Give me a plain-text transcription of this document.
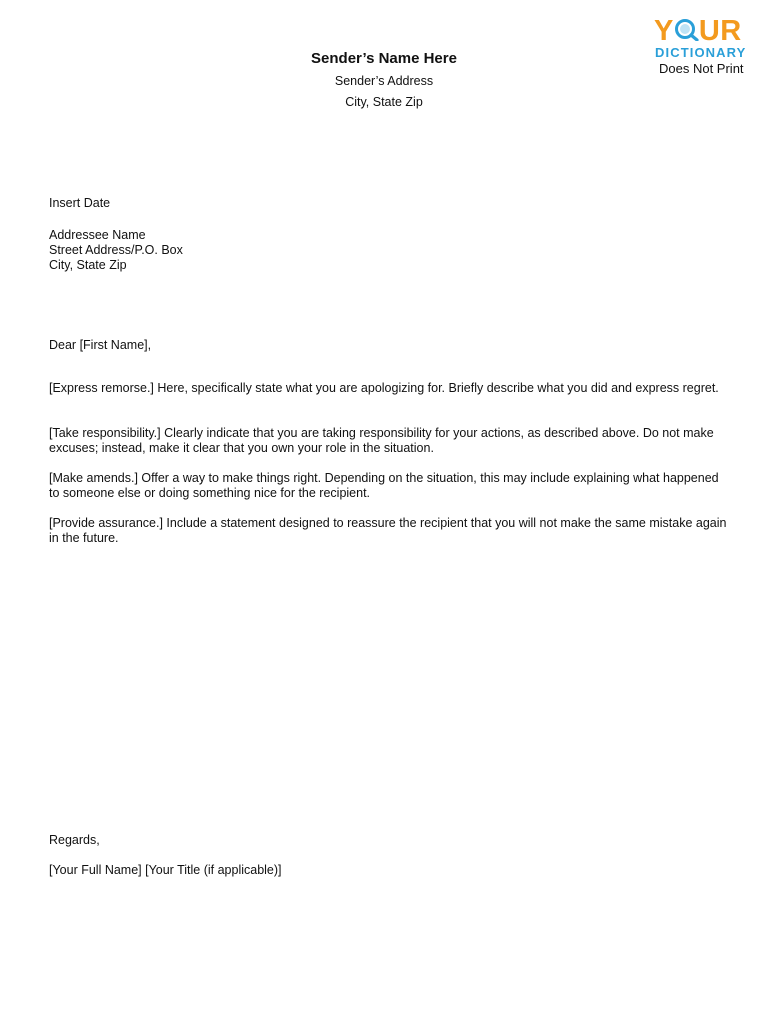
Y UR
DICTIONARY
Does Not Print
Sender’s Name Here
Sender’s Address
City, State Zip
Insert Date
Addressee Name
Street Address/P.O. Box
City, State Zip
Dear [First Name],
[Express remorse.] Here, specifically state what you are apologizing for. Briefly describe what you did and express regret.
[Take responsibility.] Clearly indicate that you are taking responsibility for your actions, as described above. Do not make excuses; instead, make it clear that you own your role in the situation.
[Make amends.] Offer a way to make things right. Depending on the situation, this may include explaining what happened to someone else or doing something nice for the recipient.
[Provide assurance.] Include a statement designed to reassure the recipient that you will not make the same mistake again in the future.
Regards,
[Your Full Name] [Your Title (if applicable)]
